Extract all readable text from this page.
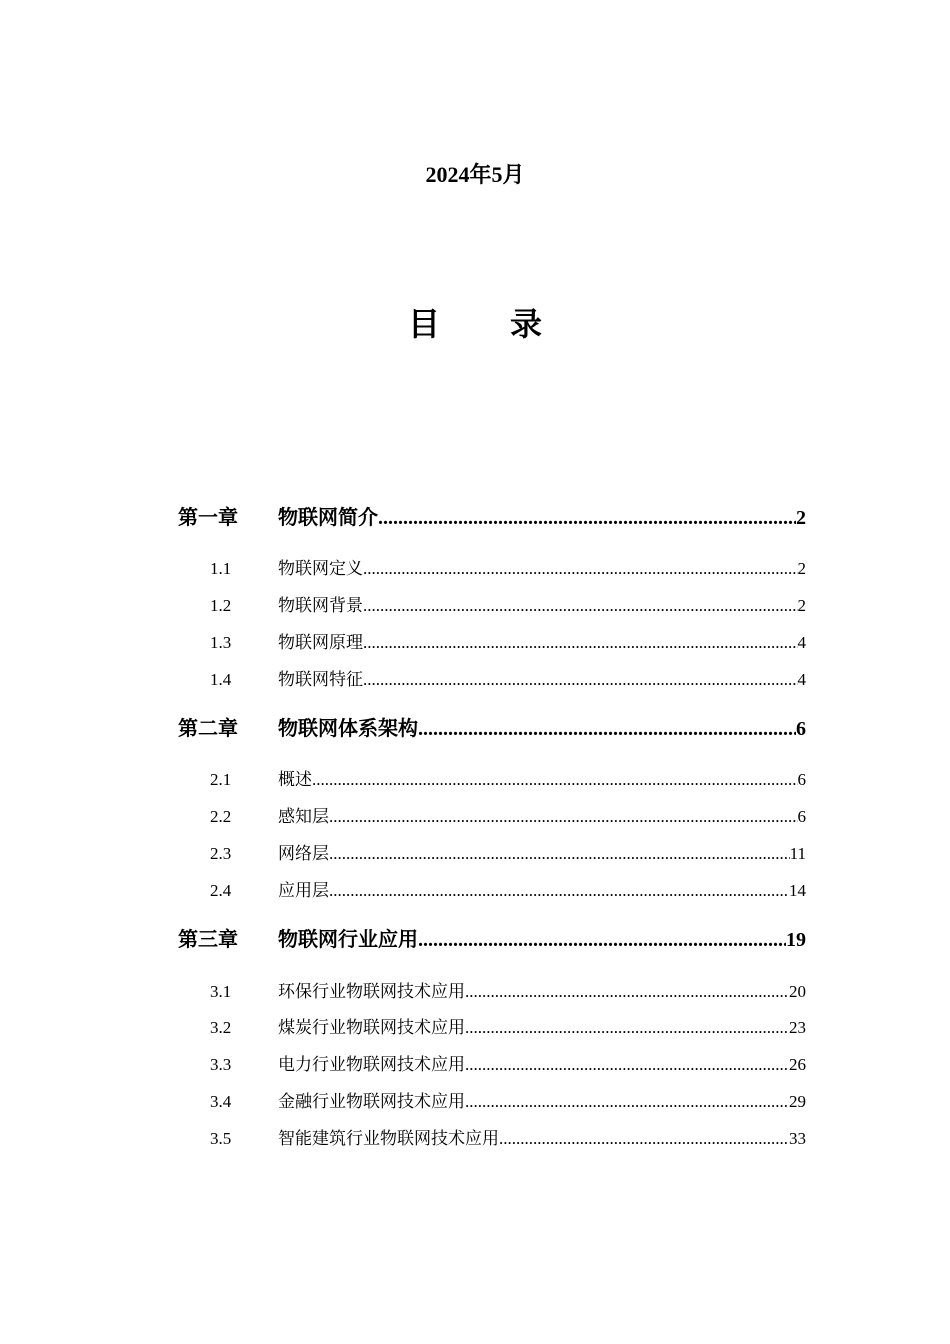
2024年5月
目 录
第一章 物联网简介 .....	2
1.1	物联网定义 .....	2
1.2	物联网背景 .....	2
1.3	物联网原理 .....	4
1.4	物联网特征 .....	4
第二章 物联网体系架构 .....	6
2.1	概述 .....	6
2.2	感知层 .....	6
2.3	网络层 .....	11
2.4	应用层 .....	14
第三章 物联网行业应用 .....	19
3.1	环保行业物联网技术应用 .....	20
3.2	煤炭行业物联网技术应用 .....	23
3.3	电力行业物联网技术应用 .....	26
3.4	金融行业物联网技术应用 .....	29
3.5	智能建筑行业物联网技术应用 .....	33
